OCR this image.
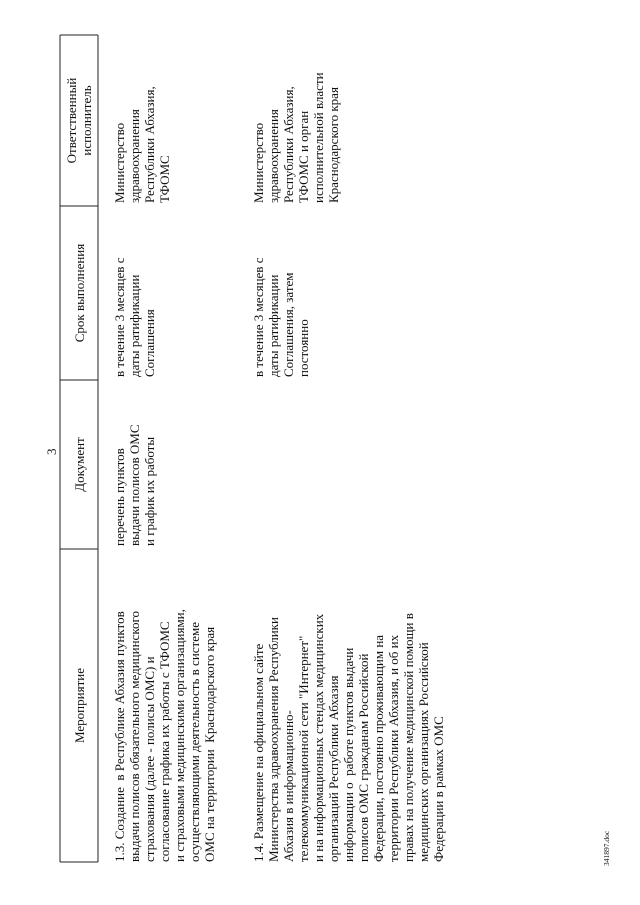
3
Ответственный
исполнитель
Срок выполнения
Документ
Мероприятие
1.3. Создание  в Республике Абхазия пунктов
выдачи полисов обязательного медицинского
страхования (далее - полисы ОМС) и
согласование графика их работы с ТФОМС
и страховыми медицинскими организациями,
осуществляющими деятельность в системе
ОМС на территории  Краснодарского края
перечень пунктов
выдачи полисов ОМС
и график их работы
в течение 3 месяцев с
даты ратификации
Соглашения
Министерство
здравоохранения
Республики Абхазия,
ТФОМС
1.4. Размещение на официальном сайте
Министерства здравоохранения Республики
Абхазия в информационно-
телекоммуникационной сети "Интернет"
и на информационных стендах медицинских
организаций Республики Абхазия
информации о  работе пунктов выдачи
полисов ОМС гражданам Российской
Федерации, постоянно проживающим на
территории Республики Абхазия, и об их
правах на получение медицинской помощи в
медицинских организациях Российской
Федерации в рамках ОМС
в течение 3 месяцев с
даты ратификации
Соглашения, затем
постоянно
Министерство
здравоохранения
Республики Абхазия,
ТФОМС и орган
исполнительной власти
Краснодарского края
341897.doc
